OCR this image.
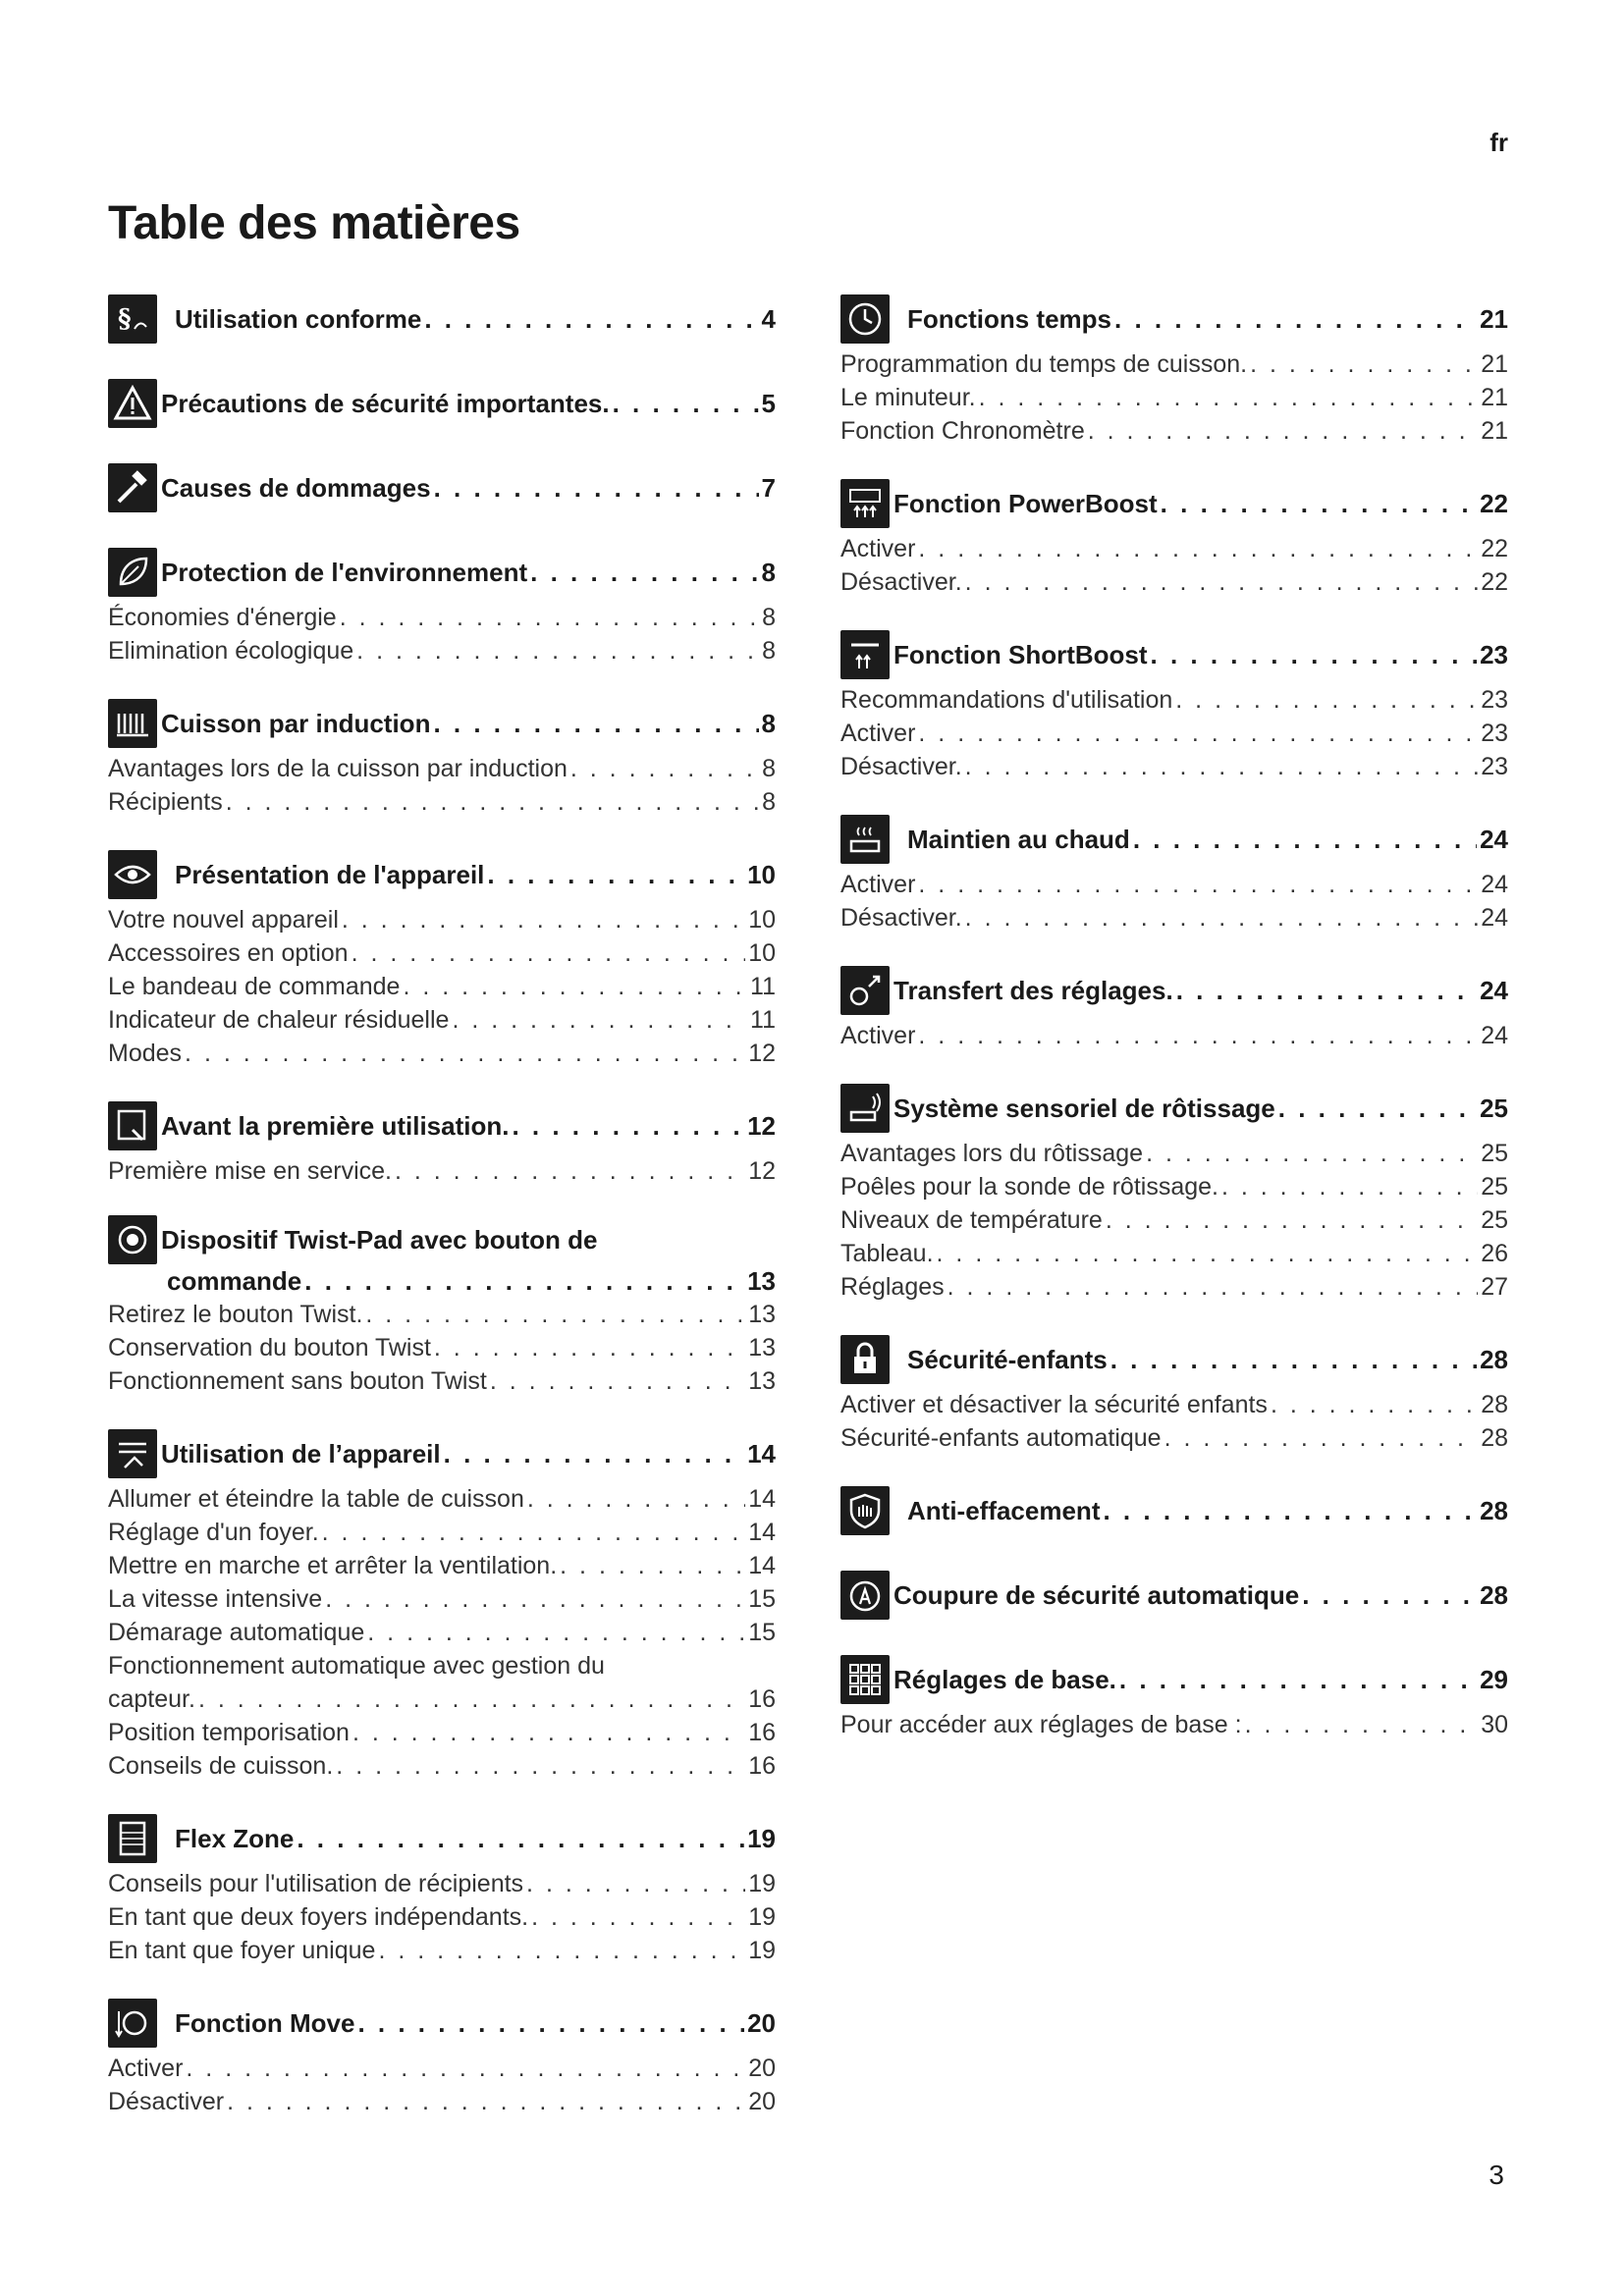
fr
Table des matières
§ Utilisation conforme . . .	4
Précautions de sécurité importantes. . . .	5
Causes de dommages . . .	7
Protection de l'environnement . . .	8
Économies d'énergie . . .	8
Elimination écologique . . .	8
Cuisson par induction . . .	8
Avantages lors de la cuisson par induction . . .	8
Récipients . . .	8
Présentation de l'appareil . . .	10
Votre nouvel appareil . . .	10
Accessoires en option . . .	10
Le bandeau de commande . . .	11
Indicateur de chaleur résiduelle . . .	11
Modes . . .	12
Avant la première utilisation. . . .	12
Première mise en service. . . .	12
Dispositif Twist-Pad avec bouton de
commande . . .	13
Retirez le bouton Twist. . . .	13
Conservation du bouton Twist . . .	13
Fonctionnement sans bouton Twist . . .	13
Utilisation de l’appareil . . .	14
Allumer et éteindre la table de cuisson . . .	14
Réglage d'un foyer. . . .	14
Mettre en marche et arrêter la ventilation. . . .	14
La vitesse intensive . . .	15
Démarage automatique . . .	15
Fonctionnement automatique avec gestion du
capteur. . . .	16
Position temporisation . . .	16
Conseils de cuisson. . . .	16
Flex Zone . . .	19
Conseils pour l'utilisation de récipients . . .	19
En tant que deux foyers indépendants. . . .	19
En tant que foyer unique . . .	19
Fonction Move . . .	20
Activer . . .	20
Désactiver . . .	20
Fonctions temps . . .	21
Programmation du temps de cuisson. . . .	21
Le minuteur. . . .	21
Fonction Chronomètre . . .	21
Fonction PowerBoost . . .	22
Activer . . .	22
Désactiver. . . .	22
Fonction ShortBoost . . .	23
Recommandations d'utilisation . . .	23
Activer . . .	23
Désactiver. . . .	23
Maintien au chaud . . .	24
Activer . . .	24
Désactiver. . . .	24
Transfert des réglages. . . .	24
Activer . . .	24
Système sensoriel de rôtissage . . .	25
Avantages lors du rôtissage . . .	25
Poêles pour la sonde de rôtissage. . . .	25
Niveaux de température . . .	25
Tableau. . . .	26
Réglages . . .	27
Sécurité-enfants . . .	28
Activer et désactiver la sécurité enfants . . .	28
Sécurité-enfants automatique . . .	28
Anti-effacement . . .	28
Coupure de sécurité automatique . . .	28
Réglages de base. . . .	29
Pour accéder aux réglages de base : . . .	30
3
